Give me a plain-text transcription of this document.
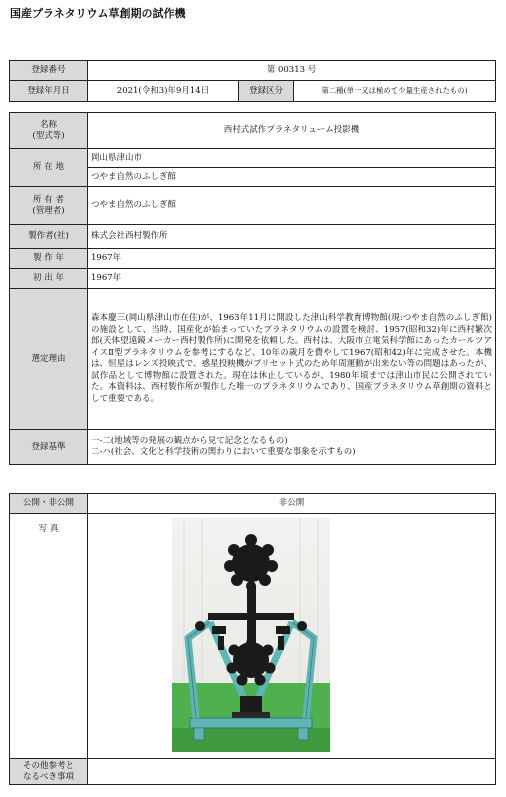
国産プラネタリウム草創期の試作機
登録番号	第 00313 号		
登録年月日	2021(令和3)年9月14日	登録区分	第二種(単一又は極めて少量生産されたもの)
名称
(型式等)	西村式試作プラネタリューム投影機
所 在 地	岡山県津山市
	つやま自然のふしぎ館

所 有 者
(管理者)	つやま自然のふしぎ館
製作者(社)	株式会社西村製作所
製 作 年	1967年
初 出 年	1967年
選定理由	森本慶三(岡山県津山市在住)が、1963年11月に開設した津山科学教育博物館(現:つやま自然のふしぎ館)の施設として、当時、国産化が始まっていたプラネタリウムの設置を検討、1957(昭和32)年に西村繁次郎(天体望遠鏡メーカー西村製作所)に開発を依頼した。西村は、大阪市立電気科学館にあったカールツアイスⅡ型プラネタリウムを参考にするなど、10年の歳月を費やして1967(昭和42)年に完成させた。本機は、恒星はレンズ投映式で、惑星投映機がプリセット式のため年周運動が出来ない等の問題はあったが、試作品として博物館に設置された。現在は休止しているが、1980年頃までは津山市民に公開されていた。本資料は、西村製作所が製作した唯一のプラネタリウムであり、国産プラネタリウム草創期の資料として重要である。
登録基準	一-二(地域等の発展の観点から見て記念となるもの)
二-ハ(社会、文化と科学技術の関わりにおいて重要な事象を示すもの)
公開・非公開	非公開
写 真	

その他参考と
なるべき事項	
